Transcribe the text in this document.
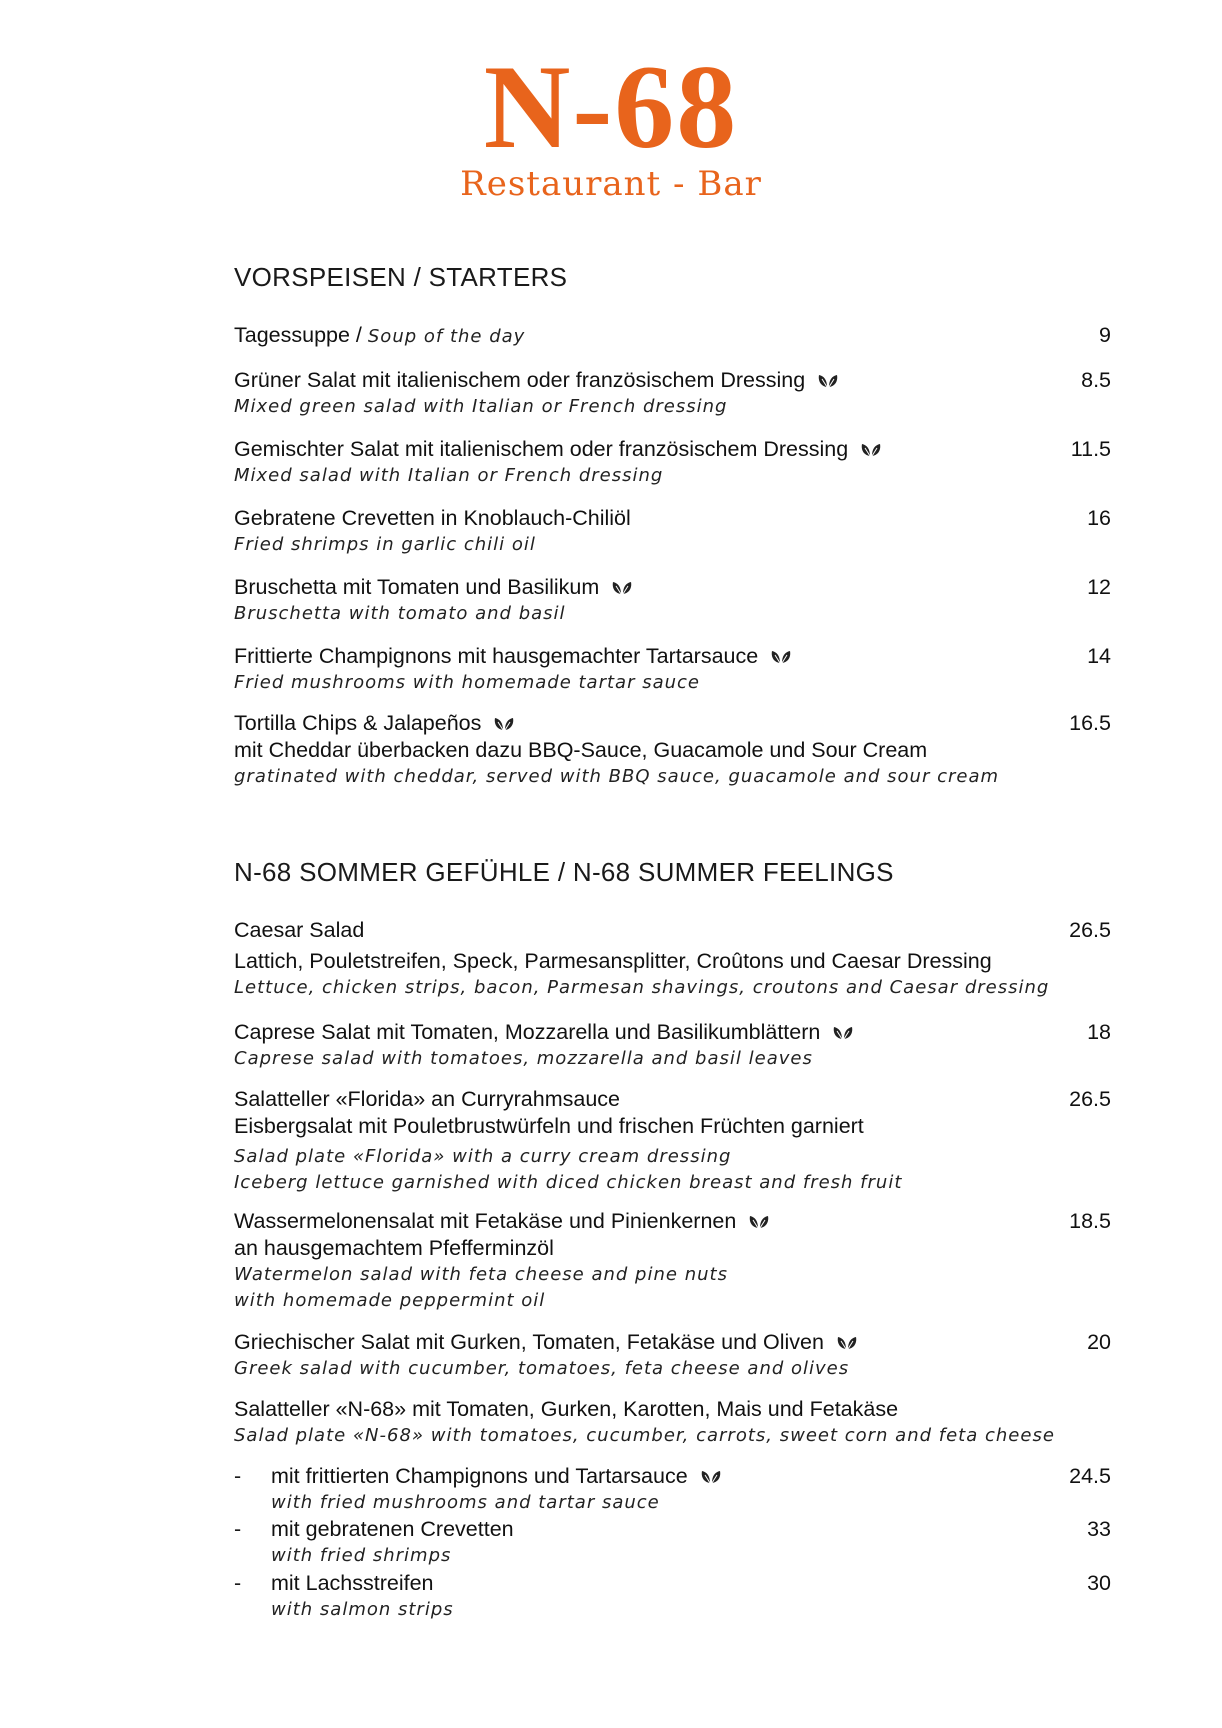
N-68
Restaurant - Bar
VORSPEISEN / STARTERS
Tagessuppe / Soup of the day	9
Grüner Salat mit italienischem oder französischem Dressing	8.5
Mixed green salad with Italian or French dressing
Gemischter Salat mit italienischem oder französischem Dressing	11.5
Mixed salad with Italian or French dressing
Gebratene Crevetten in Knoblauch-Chiliöl	16
Fried shrimps in garlic chili oil
Bruschetta mit Tomaten und Basilikum	12
Bruschetta with tomato and basil
Frittierte Champignons mit hausgemachter Tartarsauce	14
Fried mushrooms with homemade tartar sauce
Tortilla Chips & Jalapeños	16.5
mit Cheddar überbacken dazu BBQ-Sauce, Guacamole und Sour Cream
gratinated with cheddar, served with BBQ sauce, guacamole and sour cream
N-68 SOMMER GEFÜHLE / N-68 SUMMER FEELINGS
Caesar Salad	26.5
Lattich, Pouletstreifen, Speck, Parmesansplitter, Croûtons und Caesar Dressing
Lettuce, chicken strips, bacon, Parmesan shavings, croutons and Caesar dressing
Caprese Salat mit Tomaten, Mozzarella und Basilikumblättern	18
Caprese salad with tomatoes, mozzarella and basil leaves
Salatteller «Florida» an Curryrahmsauce	26.5
Eisbergsalat mit Pouletbrustwürfeln und frischen Früchten garniert
Salad plate «Florida» with a curry cream dressing
Iceberg lettuce garnished with diced chicken breast and fresh fruit
Wassermelonensalat mit Fetakäse und Pinienkernen	18.5
an hausgemachtem Pfefferminzöl
Watermelon salad with feta cheese and pine nuts
with homemade peppermint oil
Griechischer Salat mit Gurken, Tomaten, Fetakäse und Oliven	20
Greek salad with cucumber, tomatoes, feta cheese and olives
Salatteller «N-68» mit Tomaten, Gurken, Karotten, Mais und Fetakäse
Salad plate «N-68» with tomatoes, cucumber, carrots, sweet corn and feta cheese
-	mit frittierten Champignons und Tartarsauce	24.5
with fried mushrooms and tartar sauce
-	mit gebratenen Crevetten	33
with fried shrimps
-	mit Lachsstreifen	30
with salmon strips
